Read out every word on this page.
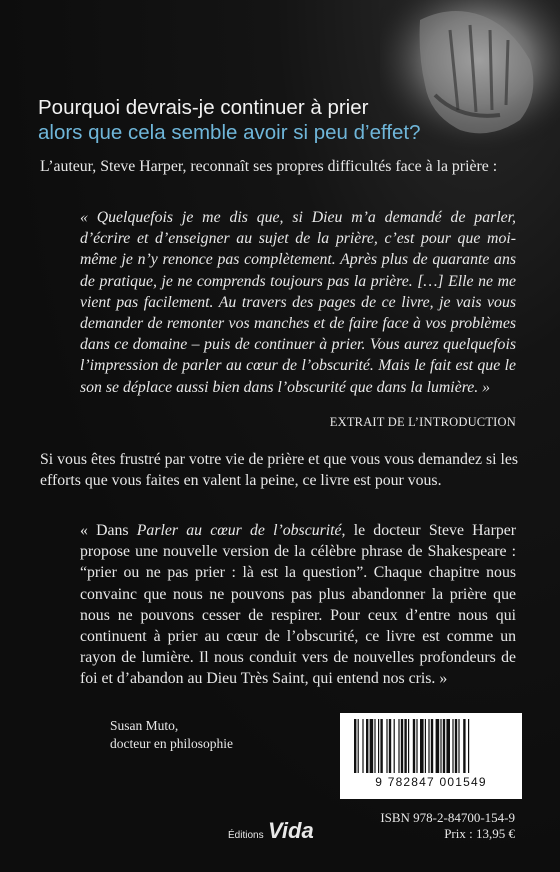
Pourquoi devrais-je continuer à prier
alors que cela semble avoir si peu d’effet?
L’auteur, Steve Harper, reconnaît ses propres difficultés face à la prière :
« Quelquefois je me dis que, si Dieu m’a demandé de parler, d’écrire et d’enseigner au sujet de la prière, c’est pour que moi-même je n’y renonce pas complètement. Après plus de quarante ans de pratique, je ne comprends toujours pas la prière. […] Elle ne me vient pas facilement. Au travers des pages de ce livre, je vais vous demander de remonter vos manches et de faire face à vos problèmes dans ce domaine – puis de continuer à prier. Vous aurez quelquefois l’impression de parler au cœur de l’obscurité. Mais le fait est que le son se déplace aussi bien dans l’obscurité que dans la lumière. »
EXTRAIT DE L’INTRODUCTION
Si vous êtes frustré par votre vie de prière et que vous vous demandez si les efforts que vous faites en valent la peine, ce livre est pour vous.
« Dans Parler au cœur de l’obscurité, le docteur Steve Harper propose une nouvelle version de la célèbre phrase de Shakespeare : “prier ou ne pas prier : là est la question”. Chaque chapitre nous convainc que nous ne pouvons pas plus abandonner la prière que nous ne pouvons cesser de respirer. Pour ceux d’entre nous qui continuent à prier au cœur de l’obscurité, ce livre est comme un rayon de lumière. Il nous conduit vers de nouvelles profondeurs de foi et d’abandon au Dieu Très Saint, qui entend nos cris. »
Susan Muto,
docteur en philosophie
9 782847 001549
ISBN 978-2-84700-154-9
Prix : 13,95 €
Éditions Vida
